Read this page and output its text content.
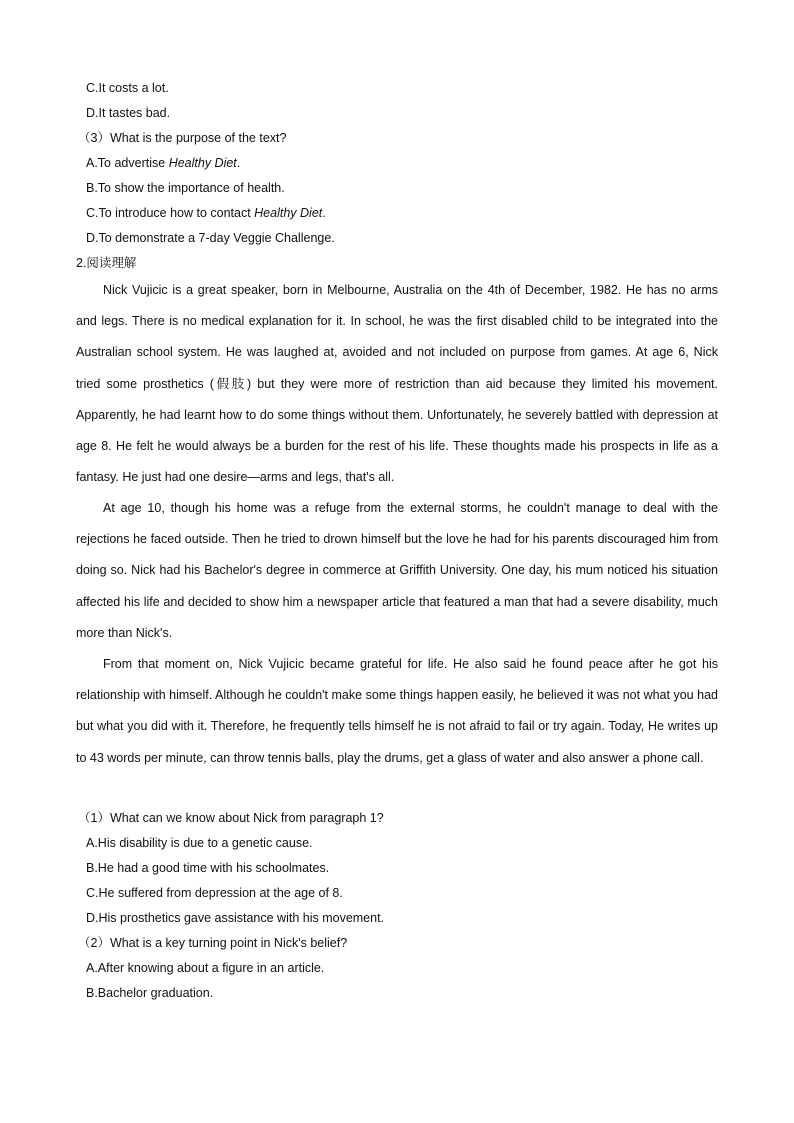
C.It costs a lot.
D.It tastes bad.
（3）What is the purpose of the text?
A.To advertise Healthy Diet.
B.To show the importance of health.
C.To introduce how to contact Healthy Diet.
D.To demonstrate a 7-day Veggie Challenge.
2.阅读理解

Nick Vujicic is a great speaker, born in Melbourne, Australia on the 4th of December, 1982. He has no arms and legs. There is no medical explanation for it. In school, he was the first disabled child to be integrated into the Australian school system. He was laughed at, avoided and not included on purpose from games. At age 6, Nick tried some prosthetics (假肢) but they were more of restriction than aid because they limited his movement. Apparently, he had learnt how to do some things without them. Unfortunately, he severely battled with depression at age 8. He felt he would always be a burden for the rest of his life. These thoughts made his prospects in life as a fantasy. He just had one desire—arms and legs, that's all.

At age 10, though his home was a refuge from the external storms, he couldn't manage to deal with the rejections he faced outside. Then he tried to drown himself but the love he had for his parents discouraged him from doing so. Nick had his Bachelor's degree in commerce at Griffith University. One day, his mum noticed his situation affected his life and decided to show him a newspaper article that featured a man that had a severe disability, much more than Nick's.

From that moment on, Nick Vujicic became grateful for life. He also said he found peace after he got his relationship with himself. Although he couldn't make some things happen easily, he believed it was not what you had but what you did with it. Therefore, he frequently tells himself he is not afraid to fail or try again. Today, He writes up to 43 words per minute, can throw tennis balls, play the drums, get a glass of water and also answer a phone call.

（1）What can we know about Nick from paragraph 1?
A.His disability is due to a genetic cause.
B.He had a good time with his schoolmates.
C.He suffered from depression at the age of 8.
D.His prosthetics gave assistance with his movement.
（2）What is a key turning point in Nick's belief?
A.After knowing about a figure in an article.
B.Bachelor graduation.
